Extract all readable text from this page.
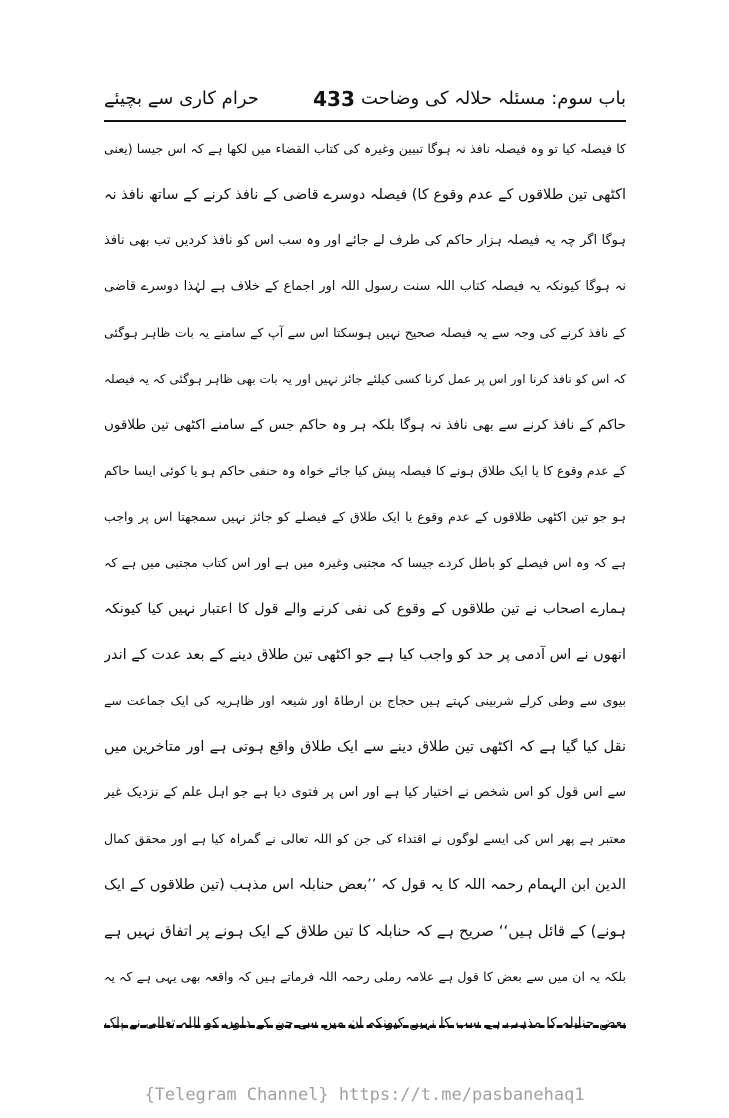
باب سوم: مسئلہ حلالہ کی وضاحت
433
حرام کاری سے بچیئے
کا فیصلہ کیا تو وہ فیصلہ نافذ نہ ہوگا تبیین وغیرہ کی کتاب القضاء میں لکھا ہے کہ اس جیسا (یعنی
اکٹھی تین طلاقوں کے عدم وقوع کا) فیصلہ دوسرے قاضی کے نافذ کرنے کے ساتھ نافذ نہ
ہوگا اگر چہ یہ فیصلہ ہزار حاکم کی طرف لے جائے اور وہ سب اس کو نافذ کردیں تب بھی نافذ
نہ ہوگا کیونکہ یہ فیصلہ کتاب اللہ سنت رسول اللہ اور اجماع کے خلاف ہے لہٰذا دوسرے قاضی
کے نافذ کرنے کی وجہ سے یہ فیصلہ صحیح نہیں ہوسکتا اس سے آپ کے سامنے یہ بات ظاہر ہوگئی
کہ اس کو نافذ کرنا اور اس پر عمل کرنا کسی کیلئے جائز نہیں اور یہ بات بھی ظاہر ہوگئی کہ یہ فیصلہ
حاکم کے نافذ کرنے سے بھی نافذ نہ ہوگا بلکہ ہر وہ حاکم جس کے سامنے اکٹھی تین طلاقوں
کے عدم وقوع کا یا ایک طلاق ہونے کا فیصلہ پیش کیا جائے خواہ وہ حنفی حاکم ہو یا کوئی ایسا حاکم
ہو جو تین اکٹھی طلاقوں کے عدم وقوع یا ایک طلاق کے فیصلے کو جائز نہیں سمجھتا اس پر واجب
ہے کہ وہ اس فیصلے کو باطل کردے جیسا کہ مجتبی وغیرہ میں ہے اور اس کتاب مجتبی میں ہے کہ
ہمارے اصحاب نے تین طلاقوں کے وقوع کی نفی کرنے والے قول کا اعتبار نہیں کیا کیونکہ
انھوں نے اس آدمی پر حد کو واجب کیا ہے جو اکٹھی تین طلاق دینے کے بعد عدت کے اندر
بیوی سے وطی کرلے شربینی کہتے ہیں حجاج بن ارطاۃ اور شیعہ اور ظاہریہ کی ایک جماعت سے
نقل کیا گیا ہے کہ اکٹھی تین طلاق دینے سے ایک طلاق واقع ہوتی ہے اور متاخرین میں
سے اس قول کو اس شخص نے اختیار کیا ہے اور اس پر فتوی دیا ہے جو اہل علم کے نزدیک غیر
معتبر ہے پھر اس کی ایسے لوگوں نے اقتداء کی جن کو اللہ تعالی نے گمراہ کیا ہے اور محقق کمال
الدین ابن الہمام رحمہ اللہ کا یہ قول کہ ’’بعض حنابلہ اس مذہب (تین طلاقوں کے ایک
ہونے) کے قائل ہیں‘‘ صریح ہے کہ حنابلہ کا تین طلاق کے ایک ہونے پر اتفاق نہیں ہے
بلکہ یہ ان میں سے بعض کا قول ہے علامہ رملی رحمہ اللہ فرماتے ہیں کہ واقعہ بھی یہی ہے کہ یہ
بعض حنابلہ کا مذہب ہے سب کا نہیں کیونکہ ان میں سے جن کے دلوں کو اللہ تعالی نے پاک
{Telegram Channel} https://t.me/pasbanehaq1
